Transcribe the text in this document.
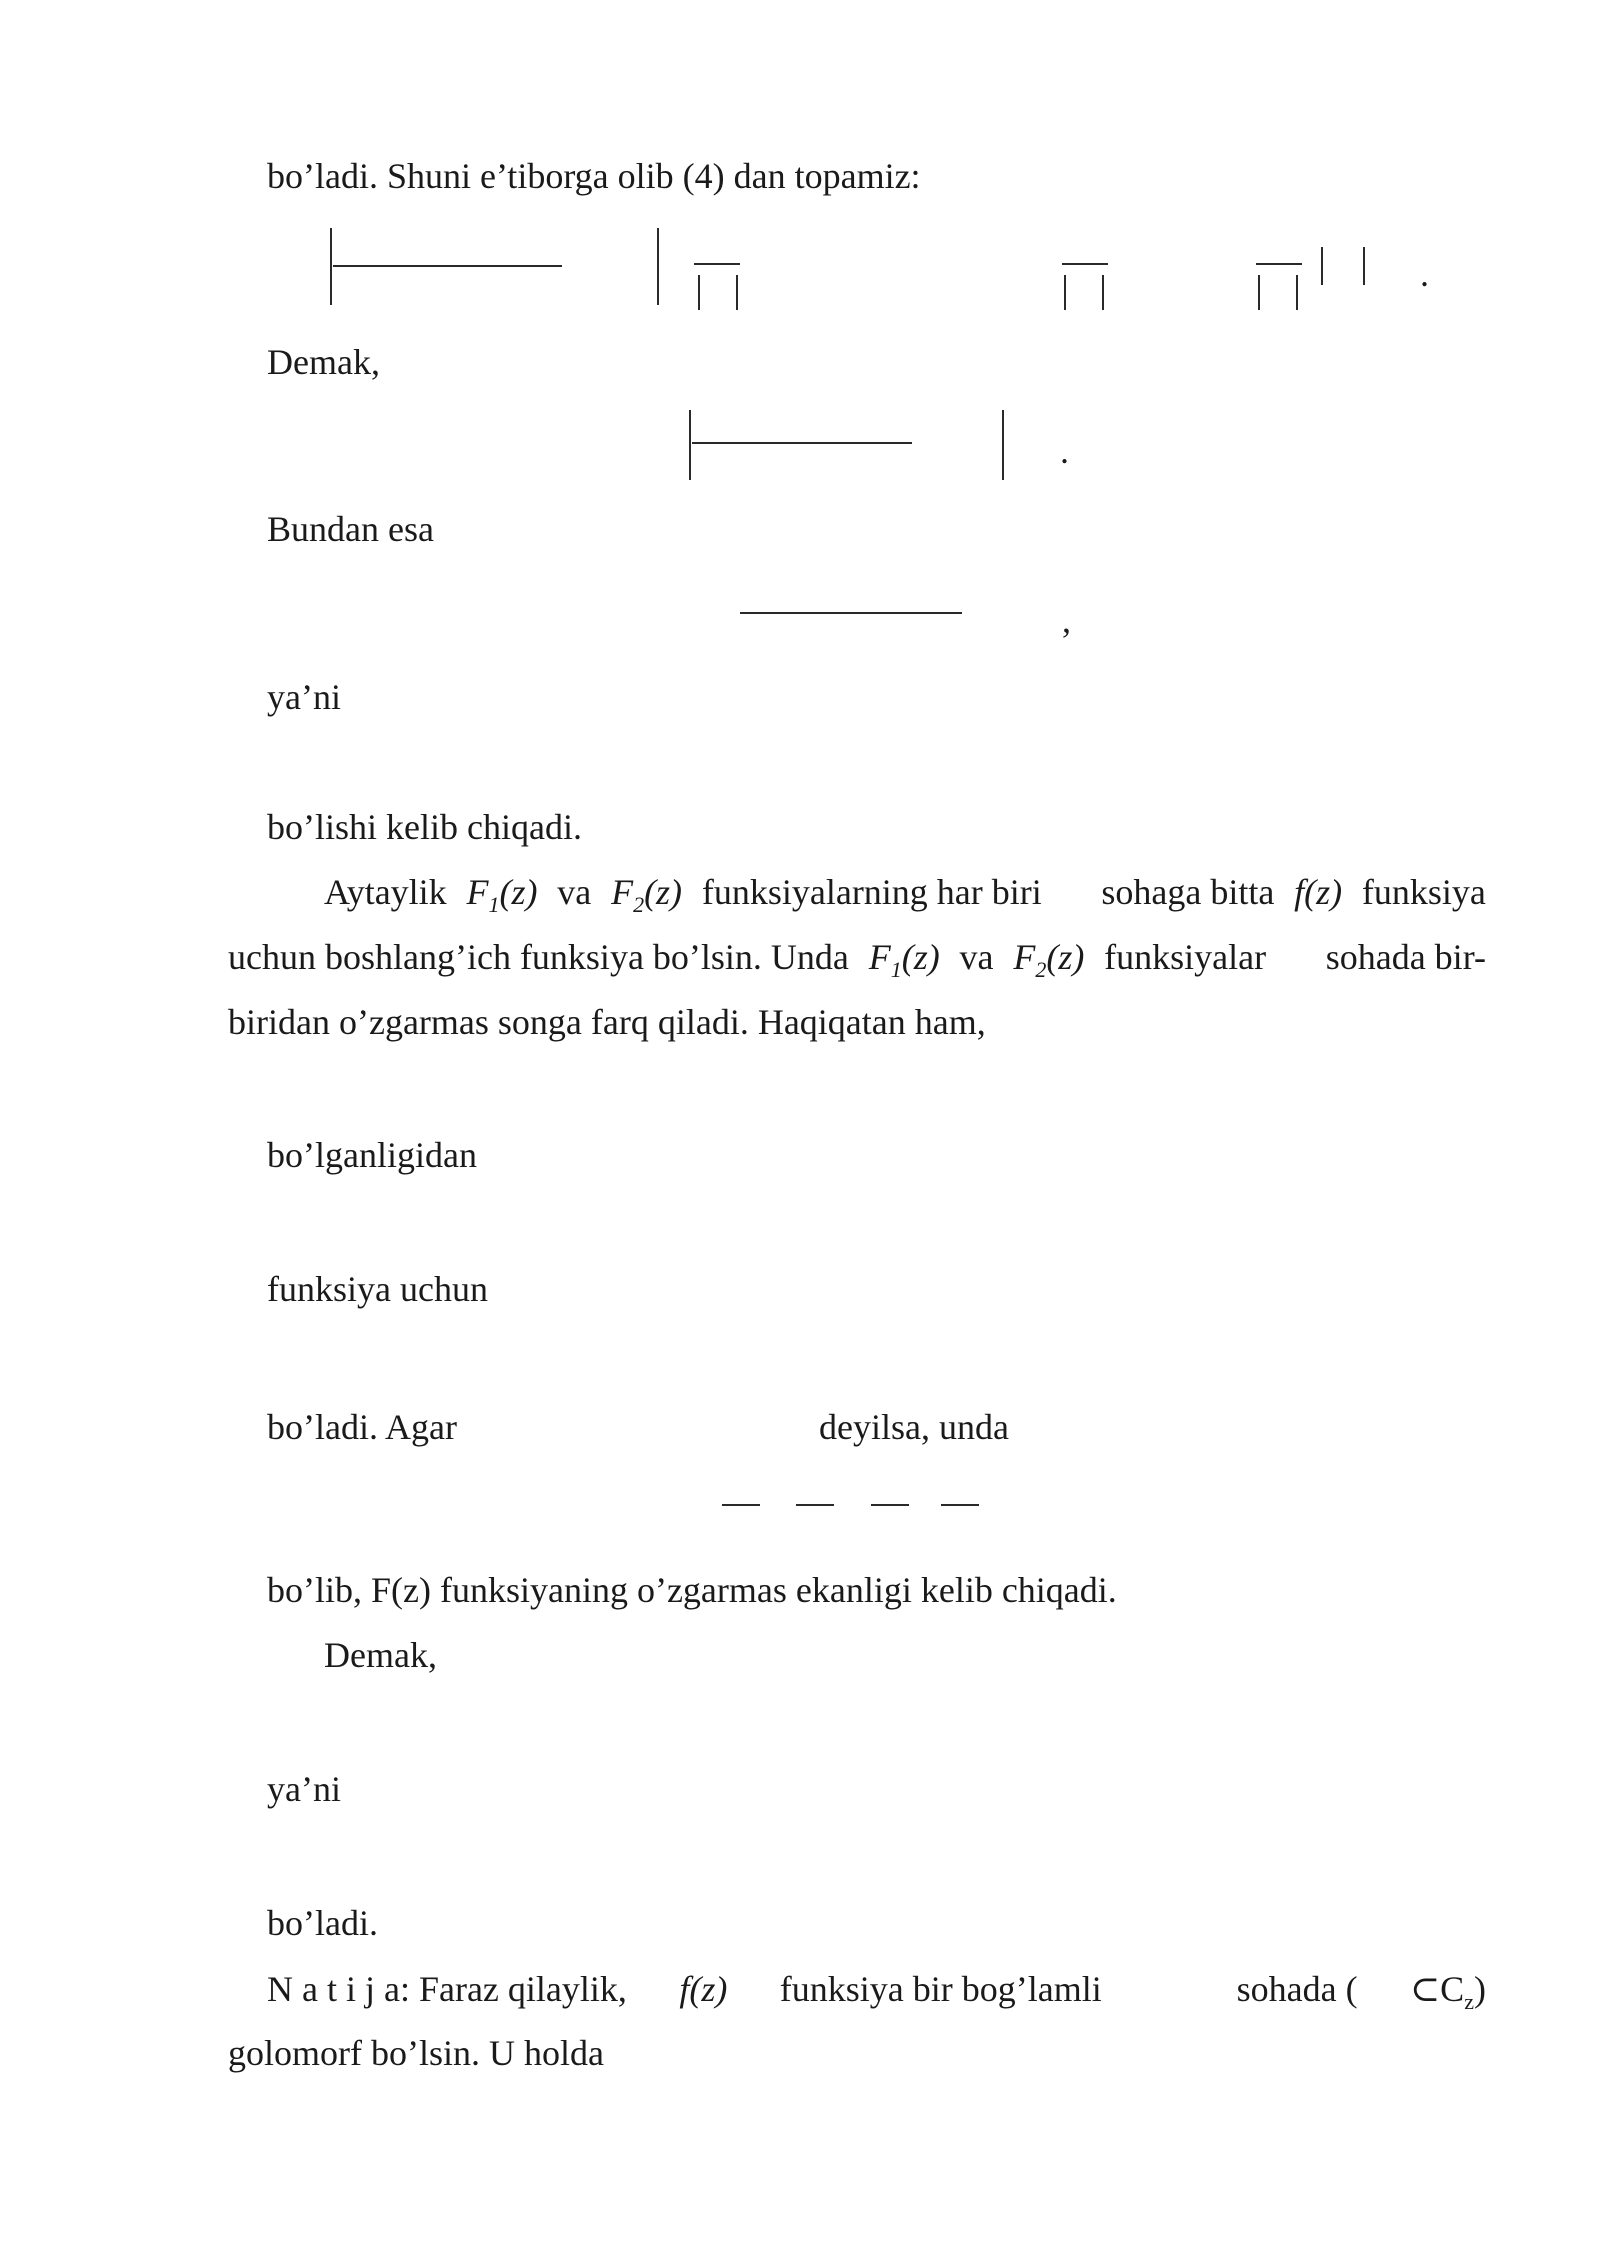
bo’ladi. Shuni e’tiborga olib (4) dan topamiz:
.
Demak,
.
Bundan esa
,
ya’ni
bo’lishi kelib chiqadi.
Aytaylik $F_1(z)$ va $F_2(z)$ funksiyalarning har biri sohaga bitta f(z) funksiya
uchun boshlang’ich funksiya bo’lsin. Unda $F_1(z)$ va $F_2(z)$ funksiyalar sohada bir-
biridan o’zgarmas songa farq qiladi. Haqiqatan ham,
bo’lganligidan
funksiya uchun
bo’ladi. Agar	deyilsa, unda
bo’lib, F(z) funksiyaning o’zgarmas ekanligi kelib chiqadi.
Demak,
ya’ni
bo’ladi.
N a t i j a: Faraz qilaylik, f(z) funksiya bir bog’lamli	sohada ( $\subset C_z$)
golomorf bo’lsin. U holda
